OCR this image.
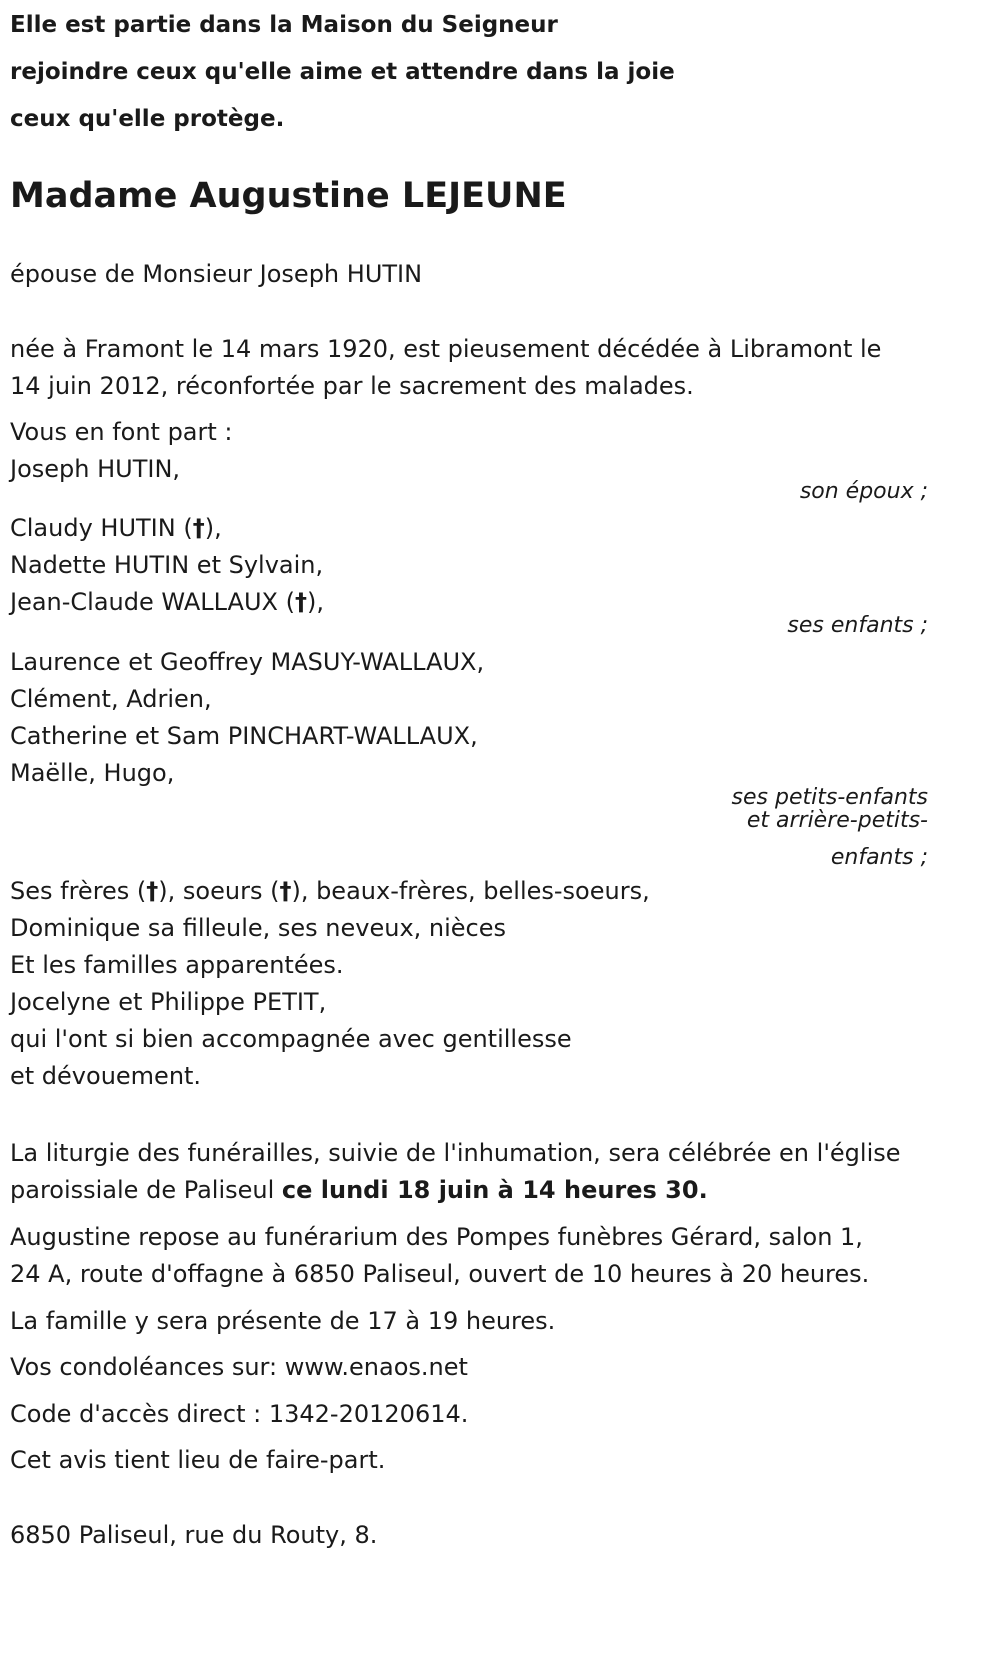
Elle est partie dans la Maison du Seigneur
rejoindre ceux qu'elle aime et attendre dans la joie
ceux qu'elle protège.
Madame Augustine LEJEUNE

épouse de Monsieur Joseph HUTIN

née à Framont le 14 mars 1920, est pieusement décédée à Libramont le
14 juin 2012, réconfortée par le sacrement des malades.

Vous en font part :

Joseph HUTIN,

son époux ;

Claudy HUTIN (†),
Nadette HUTIN et Sylvain,
Jean-Claude WALLAUX (†),

ses enfants ;

Laurence et Geoffrey MASUY-WALLAUX,
Clément, Adrien,
Catherine et Sam PINCHART-WALLAUX,
Maëlle, Hugo,
ses petits-enfants
et arrière-petits-
enfants ;
Ses frères (†), soeurs (†), beaux-frères, belles-soeurs,
Dominique sa filleule, ses neveux, nièces
Et les familles apparentées.
Jocelyne et Philippe PETIT,
qui l'ont si bien accompagnée avec gentillesse
et dévouement.
La liturgie des funérailles, suivie de l'inhumation, sera célébrée en l'église
paroissiale de Paliseul ce lundi 18 juin à 14 heures 30.
Augustine repose au funérarium des Pompes funèbres Gérard, salon 1,
24 A, route d'offagne à 6850 Paliseul, ouvert de 10 heures à 20 heures.

La famille y sera présente de 17 à 19 heures.

Vos condoléances sur: www.enaos.net

Code d'accès direct : 1342-20120614.

Cet avis tient lieu de faire-part.

6850 Paliseul, rue du Routy, 8.
